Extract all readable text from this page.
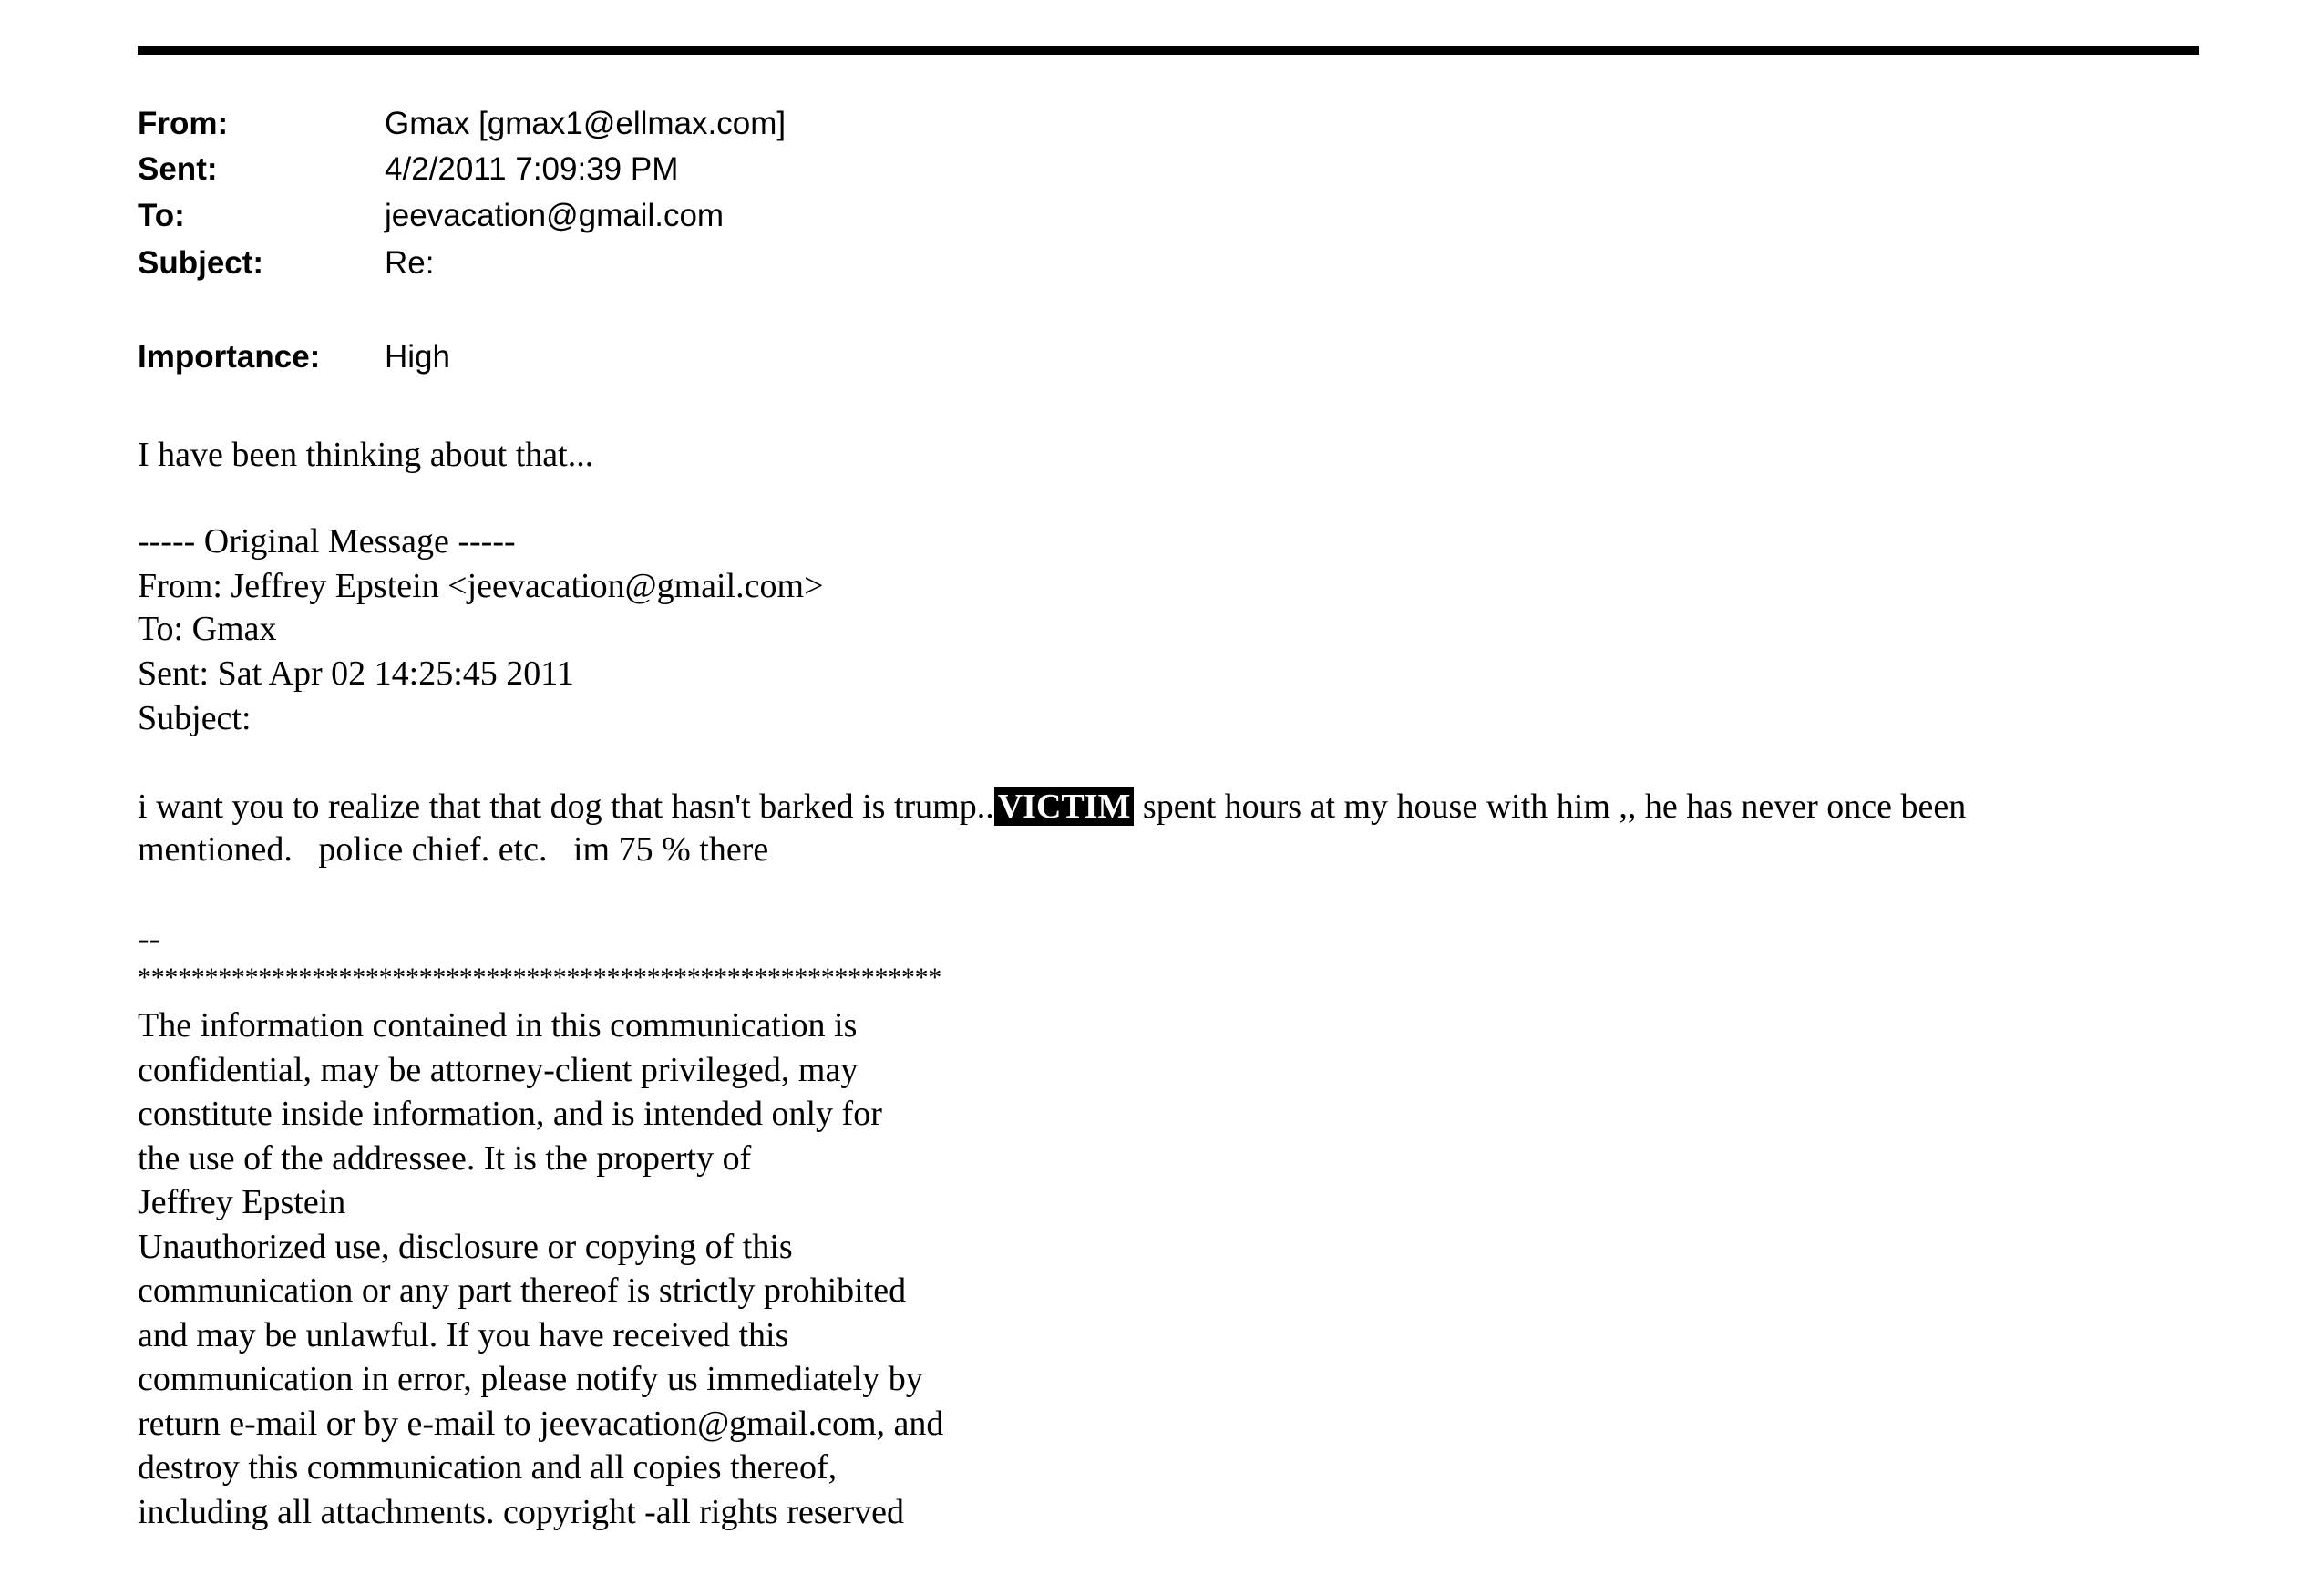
From:	Gmax [gmax1@ellmax.com]
Sent:	4/2/2011 7:09:39 PM
To:	jeevacation@gmail.com
Subject:	Re:
Importance: High
I have been thinking about that...
----- Original Message -----
From: Jeffrey Epstein <jeevacation@gmail.com>
To: Gmax
Sent: Sat Apr 02 14:25:45 2011
Subject:
i want you to realize that that dog that hasn't barked is trump.. VICTIM spent hours at my house with him ,, he has never once been
mentioned.   police chief. etc.   im 75 % there
--
************************************************************
The information contained in this communication is
confidential, may be attorney-client privileged, may
constitute inside information, and is intended only for
the use of the addressee. It is the property of
Jeffrey Epstein
Unauthorized use, disclosure or copying of this
communication or any part thereof is strictly prohibited
and may be unlawful. If you have received this
communication in error, please notify us immediately by
return e-mail or by e-mail to jeevacation@gmail.com, and
destroy this communication and all copies thereof,
including all attachments. copyright -all rights reserved
